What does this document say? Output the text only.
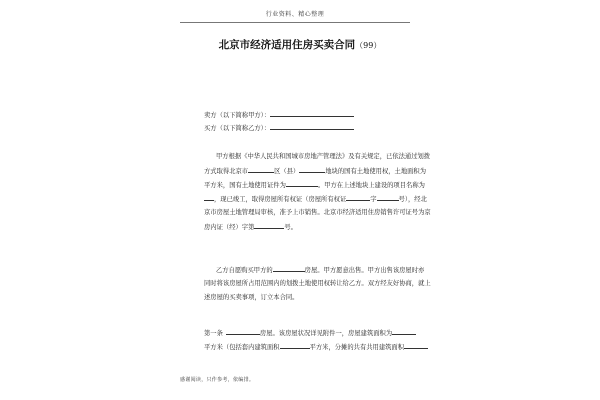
行业资料、精心整理
北京市经济适用住房买卖合同（99）
卖方（以下简称甲方）：
买方（以下简称乙方）：
甲方根据《中华人民共和国城市房地产管理法》及有关规定，已依法通过划拨
方式取得北京市	区（县）	地块的国有土地使用权，土地面积为
平方米，国有土地使用证件为	。甲方在上述地块上建设的项目名称为
，现已竣工，取得房屋所有权证（房屋所有权证	字	号），经北
京市房屋土地管理局审核，准予上市销售。北京市经济适用住房销售许可证号为京
房内证（经）字第	号。
乙方自愿购买甲方的	房屋。甲方愿意出售。甲方出售该房屋时亦
同时将该房屋所占用范围内的划拨土地使用权转让给乙方。双方经友好协商，就上
述房屋的买卖事项，订立本合同。
第一条	房屋。该房屋状况详见附件一，房屋建筑面积为
平方米（包括套内建筑面积	平方米，分摊的共有共用建筑面积
感谢阅读，只作参考，依编排。
